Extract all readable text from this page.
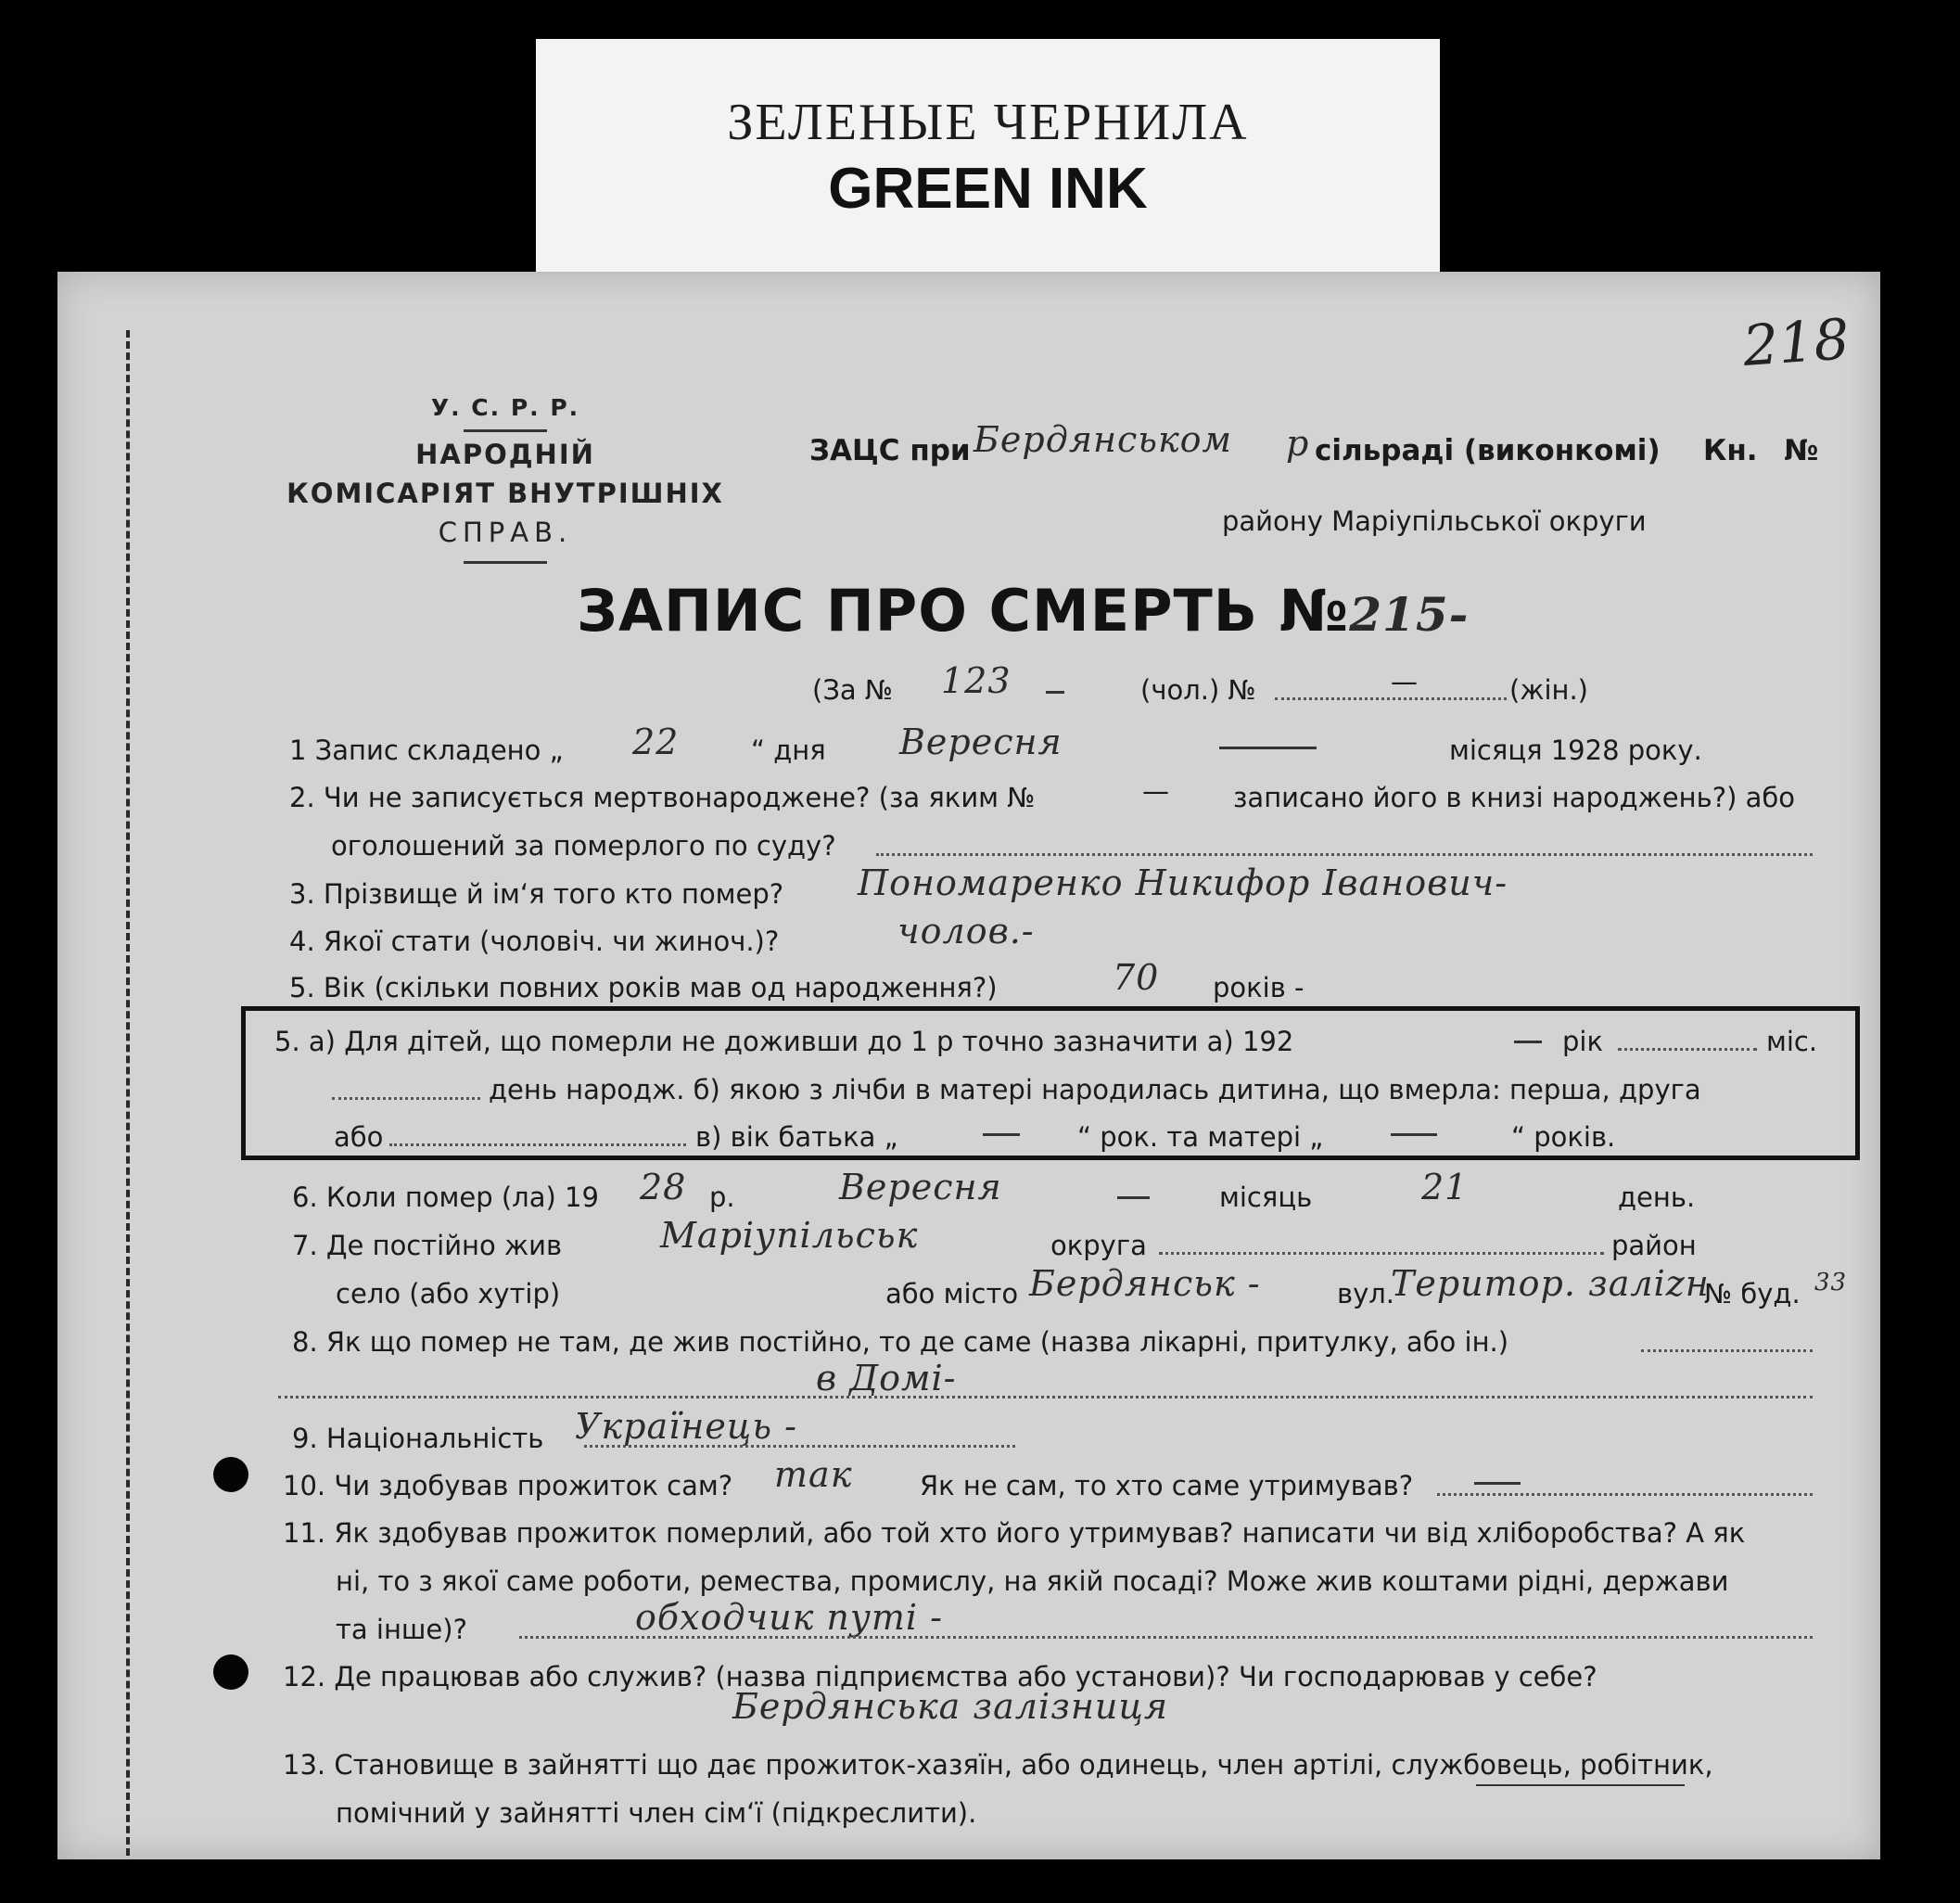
ЗЕЛЕНЫЕ ЧЕРНИЛА
GREEN INK
218
У. С. Р. Р.
НАРОДНІЙ
КОМІСАРІЯТ ВНУТРІШНІХ
СПРАВ.
ЗАЦС при Бердянськом р сільраді (виконкомі) Кн. №
району Маріупільської округи
ЗАПИС ПРО СМЕРТЬ №215-
(За № 123	(чол.) №	—	(жін.)
1 Запис складено „ 22	“ дня Вересня	місяця 1928 року.
2. Чи не записується мертвонароджене? (за яким №	— записано його в книзі народжень?) або
оголошений за померлого по суду?
3. Прізвище й ім‘я того кто помер? Пономаренко Никифор Іванович-
4. Якої стати (чоловіч. чи жиноч.)?	чолов.-
5. Вік (скільки повних років мав од народження?)	70 років -
5. а) Для дітей, що померли не доживши до 1 р точно зазначити а) 192	рік	міс.
день народж. б) якою з лічби в матері народилась дитина, що вмерла: перша, друга
або	в) вік батька „	“ рок. та матері „	“ років.
6. Коли помер (ла) 19 28 р.	Вересня	місяць	21	день.
7. Де постійно жив	Маріупільськ	округа	район
село (або хутір)	або місто Бердянськ -	вул.
Територ. заліzн
№ буд. 33
8. Як що помер не там, де жив постійно, то де саме (назва лікарні, притулку, або ін.)
в Домі-
9. Національність Українець -
10. Чи здобував прожиток сам? так	Як не сам, то хто саме утримував?
11. Як здобував прожиток померлий, або той хто його утримував? написати чи від хліборобства? А як
ні, то з якої саме роботи, ремества, промислу, на якій посаді? Може жив коштами рідні, держави
та інше)?	обходчик путі -
12. Де працював або служив? (назва підприємства або установи)? Чи господарював у себе?
Бердянська залізниця
13. Становище в зайнятті що дає прожиток-хазяїн, або одинець, член артілі, службовець, робітник,
помічний у зайнятті член сім‘ї (підкреслити).
